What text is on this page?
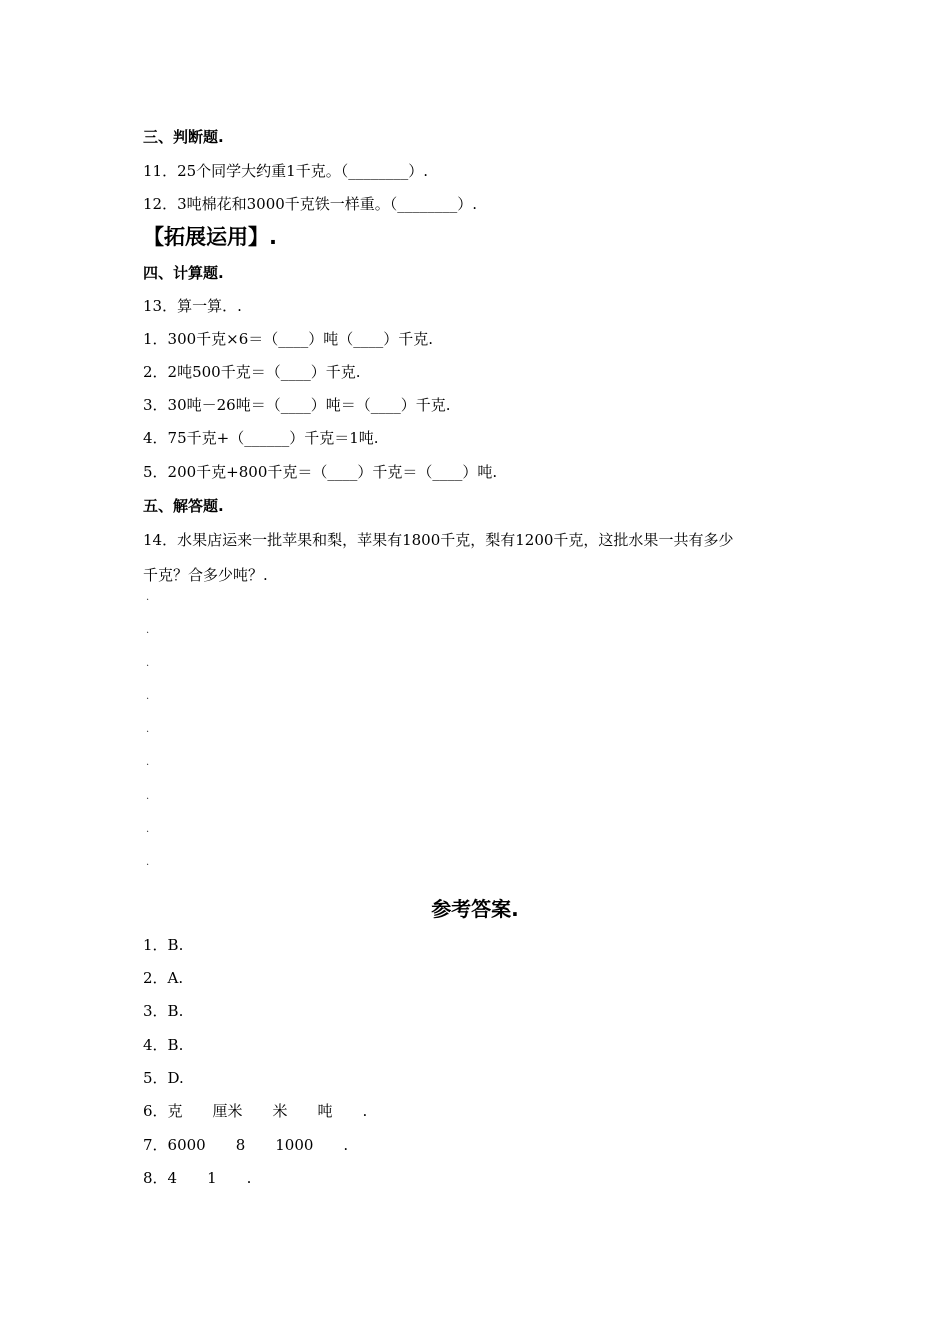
三、判断题.
11．25个同学大约重1千克。（________）.
12．3吨棉花和3000千克铁一样重。（________）.
【拓展运用】.
四、计算题.
13．算一算．.
1．300千克×6＝（____）吨（____）千克.
2．2吨500千克＝（____）千克.
3．30吨－26吨＝（____）吨＝（____）千克.
4．75千克+（______）千克＝1吨.
5．200千克+800千克＝（____）千克＝（____）吨.
五、解答题.
14．水果店运来一批苹果和梨，苹果有1800千克，梨有1200千克，这批水果一共有多少
千克？合多少吨？.
.
.
.
.
.
.
.
.
.
参考答案.
1．B.
2．A.
3．B.
4．B.
5．D.
6．克　　厘米　　米　　吨　　.
7．6000　　8　　1000　　.
8．4　　1　　.
